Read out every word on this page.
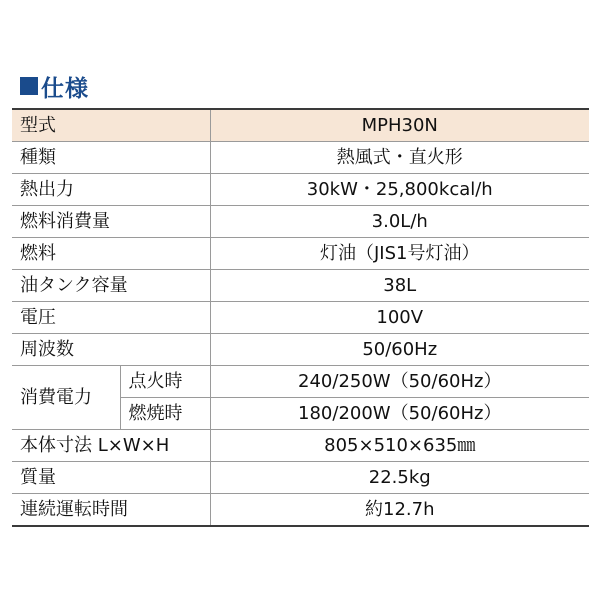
仕様
型式		MPH30N
種類		熱風式・直火形
熱出力		30kW・25,800kcal/h
燃料消費量		3.0L/h
燃料		灯油（JIS1号灯油）
油タンク容量		38L
電圧		100V
周波数		50/60Hz
消費電力	点火時	240/250W（50/60Hz）
	燃焼時	180/200W（50/60Hz）
本体寸法 L×W×H		805×510×635㎜
質量		22.5kg
連続運転時間		約12.7h
